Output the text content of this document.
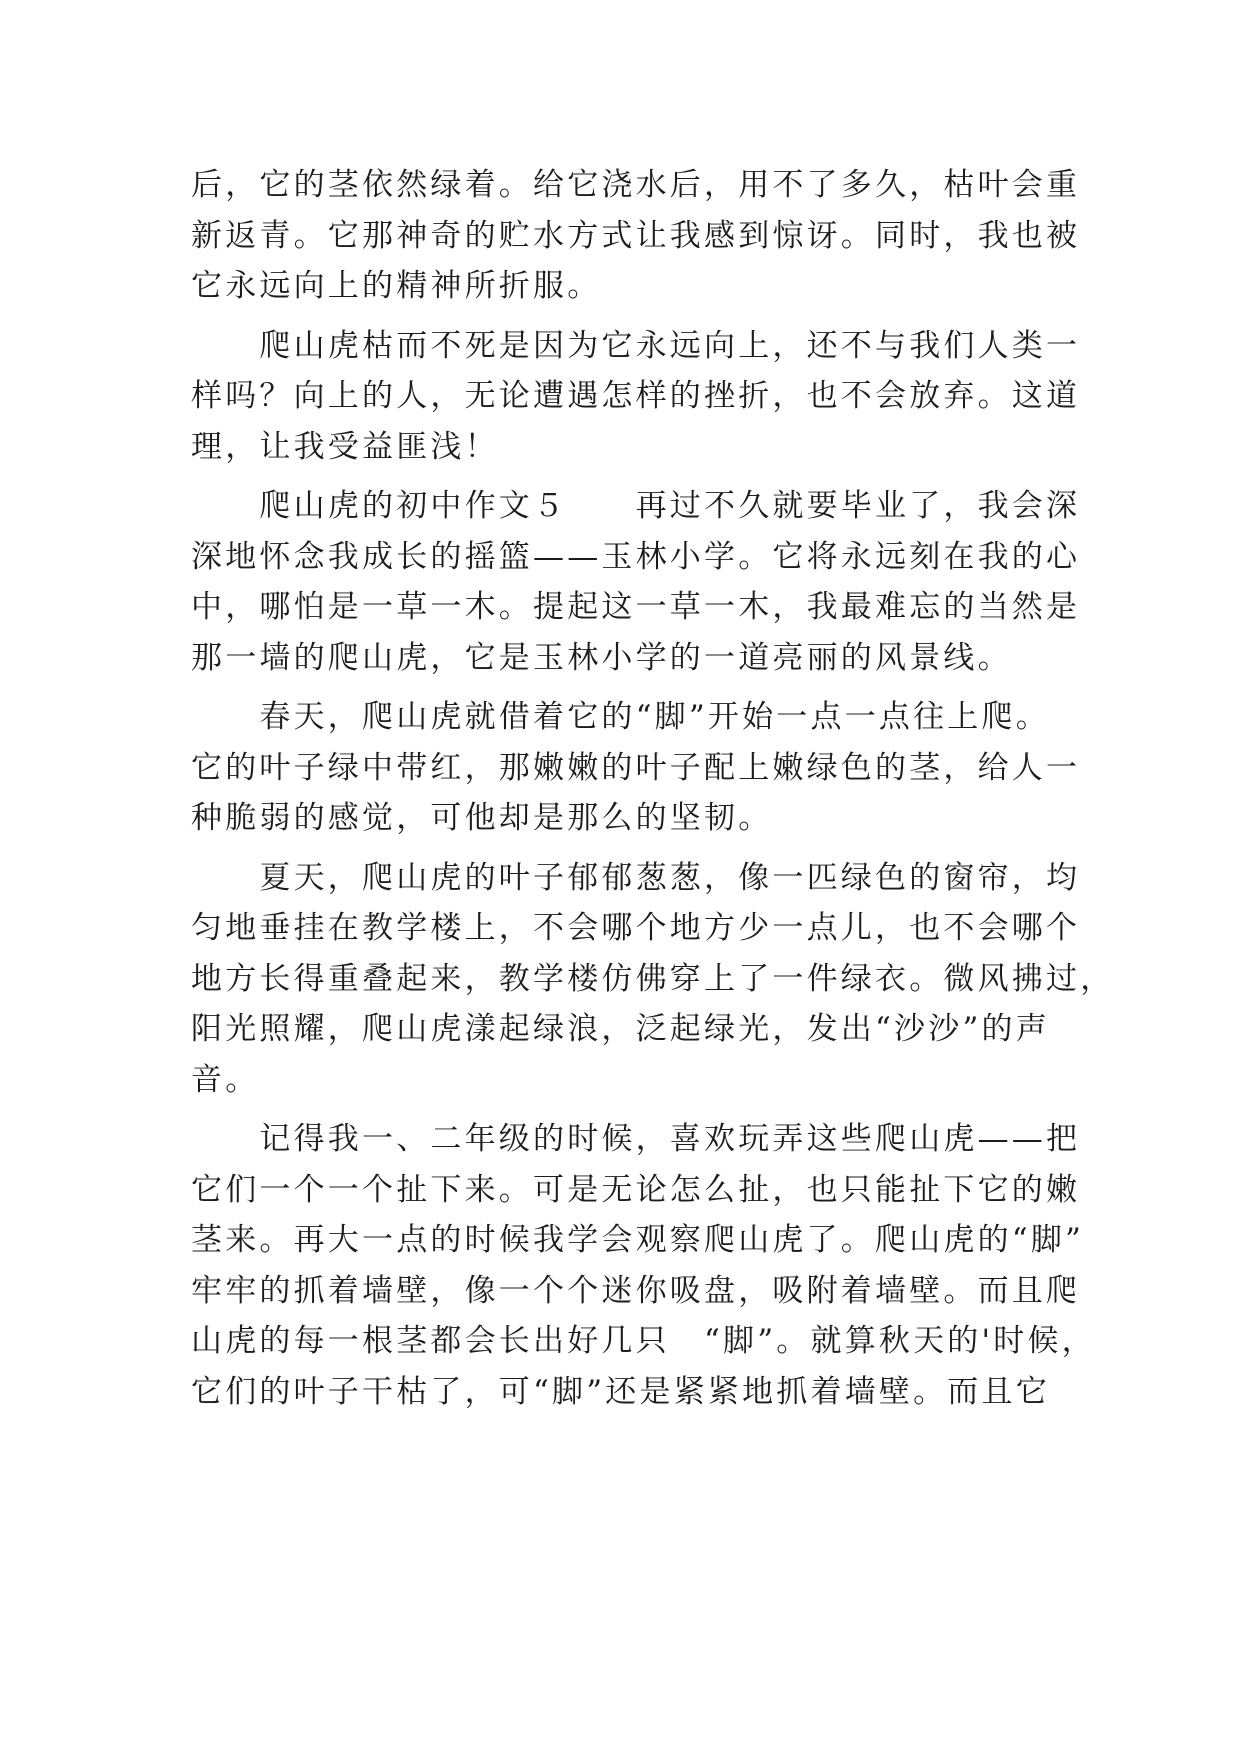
后，它的茎依然绿着。给它浇水后，用不了多久，枯叶会重
新返青。它那神奇的贮水方式让我感到惊讶。同时，我也被
它永远向上的精神所折服。
　　爬山虎枯而不死是因为它永远向上，还不与我们人类一
样吗？向上的人，无论遭遇怎样的挫折，也不会放弃。这道
理，让我受益匪浅！
　　爬山虎的初中作文５　　再过不久就要毕业了，我会深
深地怀念我成长的摇篮——玉林小学。它将永远刻在我的心
中，哪怕是一草一木。提起这一草一木，我最难忘的当然是
那一墙的爬山虎，它是玉林小学的一道亮丽的风景线。
　　春天，爬山虎就借着它的“脚”开始一点一点往上爬。
它的叶子绿中带红，那嫩嫩的叶子配上嫩绿色的茎，给人一
种脆弱的感觉，可他却是那么的坚韧。
　　夏天，爬山虎的叶子郁郁葱葱，像一匹绿色的窗帘，均
匀地垂挂在教学楼上，不会哪个地方少一点儿，也不会哪个
地方长得重叠起来，教学楼仿佛穿上了一件绿衣。微风拂过，
阳光照耀，爬山虎漾起绿浪，泛起绿光，发出“沙沙”的声
音。
　　记得我一、二年级的时候，喜欢玩弄这些爬山虎——把
它们一个一个扯下来。可是无论怎么扯，也只能扯下它的嫩
茎来。再大一点的时候我学会观察爬山虎了。爬山虎的“脚”
牢牢的抓着墙壁，像一个个迷你吸盘，吸附着墙壁。而且爬
山虎的每一根茎都会长出好几只　“脚”。就算秋天的'时候，
它们的叶子干枯了，可“脚”还是紧紧地抓着墙壁。而且它
